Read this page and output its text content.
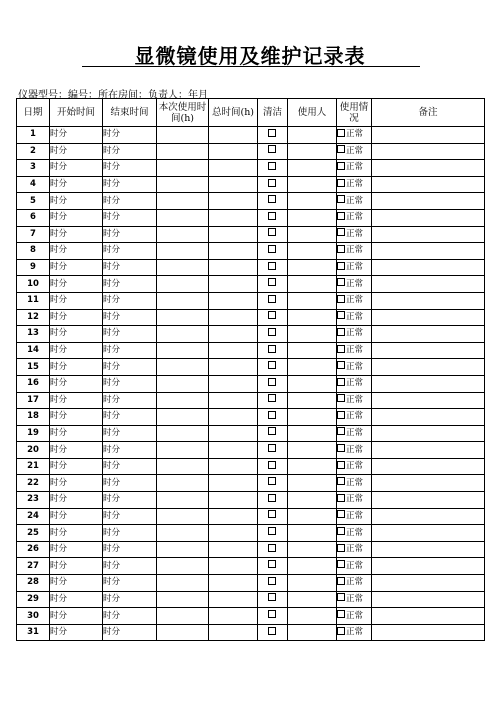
显微镜使用及维护记录表
仪器型号：编号：所在房间：负责人：年月
日期	开始时间	结束时间	本次使用时间(h)	总时间(h)	清洁	使用人	使用情况	备注
1	时分	时分					正常	
2	时分	时分					正常	
3	时分	时分					正常	
4	时分	时分					正常	
5	时分	时分					正常	
6	时分	时分					正常	
7	时分	时分					正常	
8	时分	时分					正常	
9	时分	时分					正常	
10	时分	时分					正常	
11	时分	时分					正常	
12	时分	时分					正常	
13	时分	时分					正常	
14	时分	时分					正常	
15	时分	时分					正常	
16	时分	时分					正常	
17	时分	时分					正常	
18	时分	时分					正常	
19	时分	时分					正常	
20	时分	时分					正常	
21	时分	时分					正常	
22	时分	时分					正常	
23	时分	时分					正常	
24	时分	时分					正常	
25	时分	时分					正常	
26	时分	时分					正常	
27	时分	时分					正常	
28	时分	时分					正常	
29	时分	时分					正常	
30	时分	时分					正常	
31	时分	时分					正常	
